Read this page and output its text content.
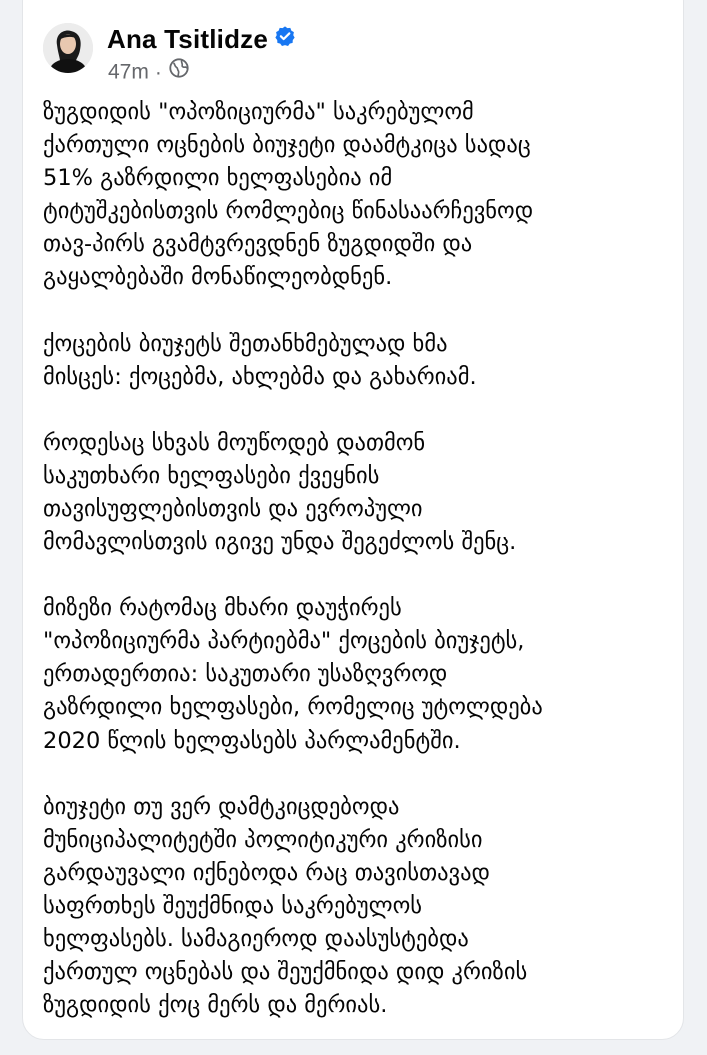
Ana Tsitlidze
47m ·
ზუგდიდის "ოპოზიციურმა" საკრებულომ
ქართული ოცნების ბიუჯეტი დაამტკიცა სადაც
51% გაზრდილი ხელფასებია იმ
ტიტუშკებისთვის რომლებიც წინასაარჩევნოდ
თავ-პირს გვამტვრევდნენ ზუგდიდში და
გაყალბებაში მონაწილეობდნენ.
ქოცების ბიუჯეტს შეთანხმებულად ხმა
მისცეს: ქოცებმა, ახლებმა და გახარიამ.
როდესაც სხვას მოუწოდებ დათმონ
საკუთხარი ხელფასები ქვეყნის
თავისუფლებისთვის და ევროპული
მომავლისთვის იგივე უნდა შეგეძლოს შენც.
მიზეზი რატომაც მხარი დაუჭირეს
"ოპოზიციურმა პარტიებმა" ქოცების ბიუჯეტს,
ერთადერთია: საკუთარი უსაზღვროდ
გაზრდილი ხელფასები, რომელიც უტოლდება
2020 წლის ხელფასებს პარლამენტში.
ბიუჯეტი თუ ვერ დამტკიცდებოდა
მუნიციპალიტეტში პოლიტიკური კრიზისი
გარდაუვალი იქნებოდა რაც თავისთავად
საფრთხეს შეუქმნიდა საკრებულოს
ხელფასებს. სამაგიეროდ დაასუსტებდა
ქართულ ოცნებას და შეუქმნიდა დიდ კრიზის
ზუგდიდის ქოც მერს და მერიას.
